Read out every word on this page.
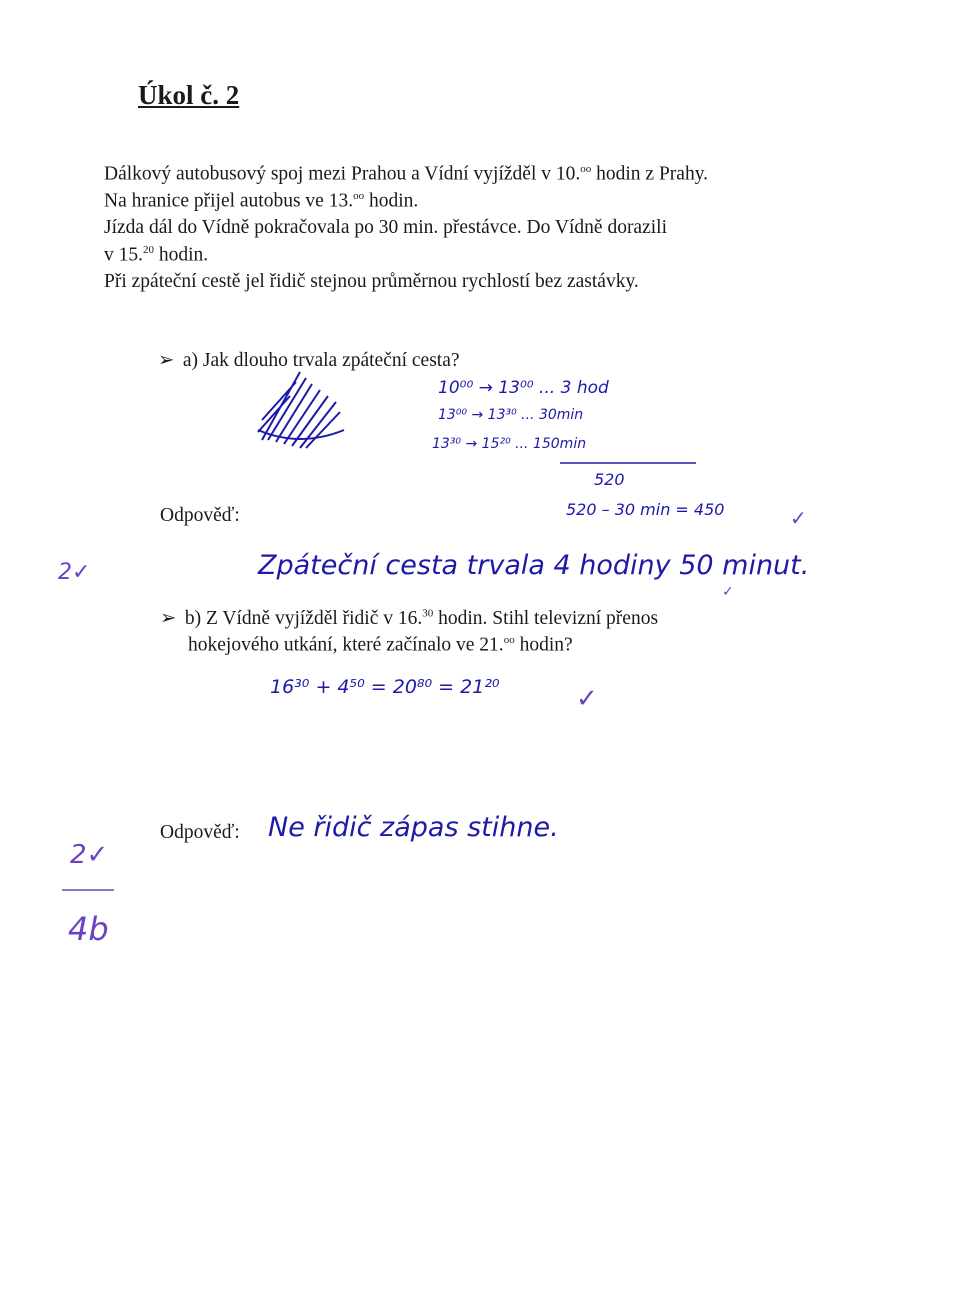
Úkol č. 2
Dálkový autobusový spoj mezi Prahou a Vídní vyjížděl v 10.$^{oo}$ hodin z Prahy.
Na hranice přijel autobus ve 13.$^{oo}$ hodin.
Jízda dál do Vídně pokračovala po 30 min. přestávce. Do Vídně dorazili
v 15.20 hodin.
Při zpáteční cestě jel řidič stejnou průměrnou rychlostí bez zastávky.
➢ a) Jak dlouho trvala zpáteční cesta?
10⁰⁰ → 13⁰⁰ ... 3 hod
13⁰⁰ → 13³⁰ ... 30min
13³⁰ → 15²⁰ ... 150min
520
Odpověď:	520 – 30 min = 450	✓
2✓	Zpáteční cesta trvala 4 hodiny 50 minut.
✓
➢ b) Z Vídně vyjížděl řidič v 16.30 hodin. Stihl televizní přenos
hokejového utkání, které začínalo ve 21.$^{oo}$ hodin?
16³⁰ + 4⁵⁰ = 20⁸⁰ = 21²⁰	✓
Odpověď: Ne řidič zápas stihne.
2✓
4b
